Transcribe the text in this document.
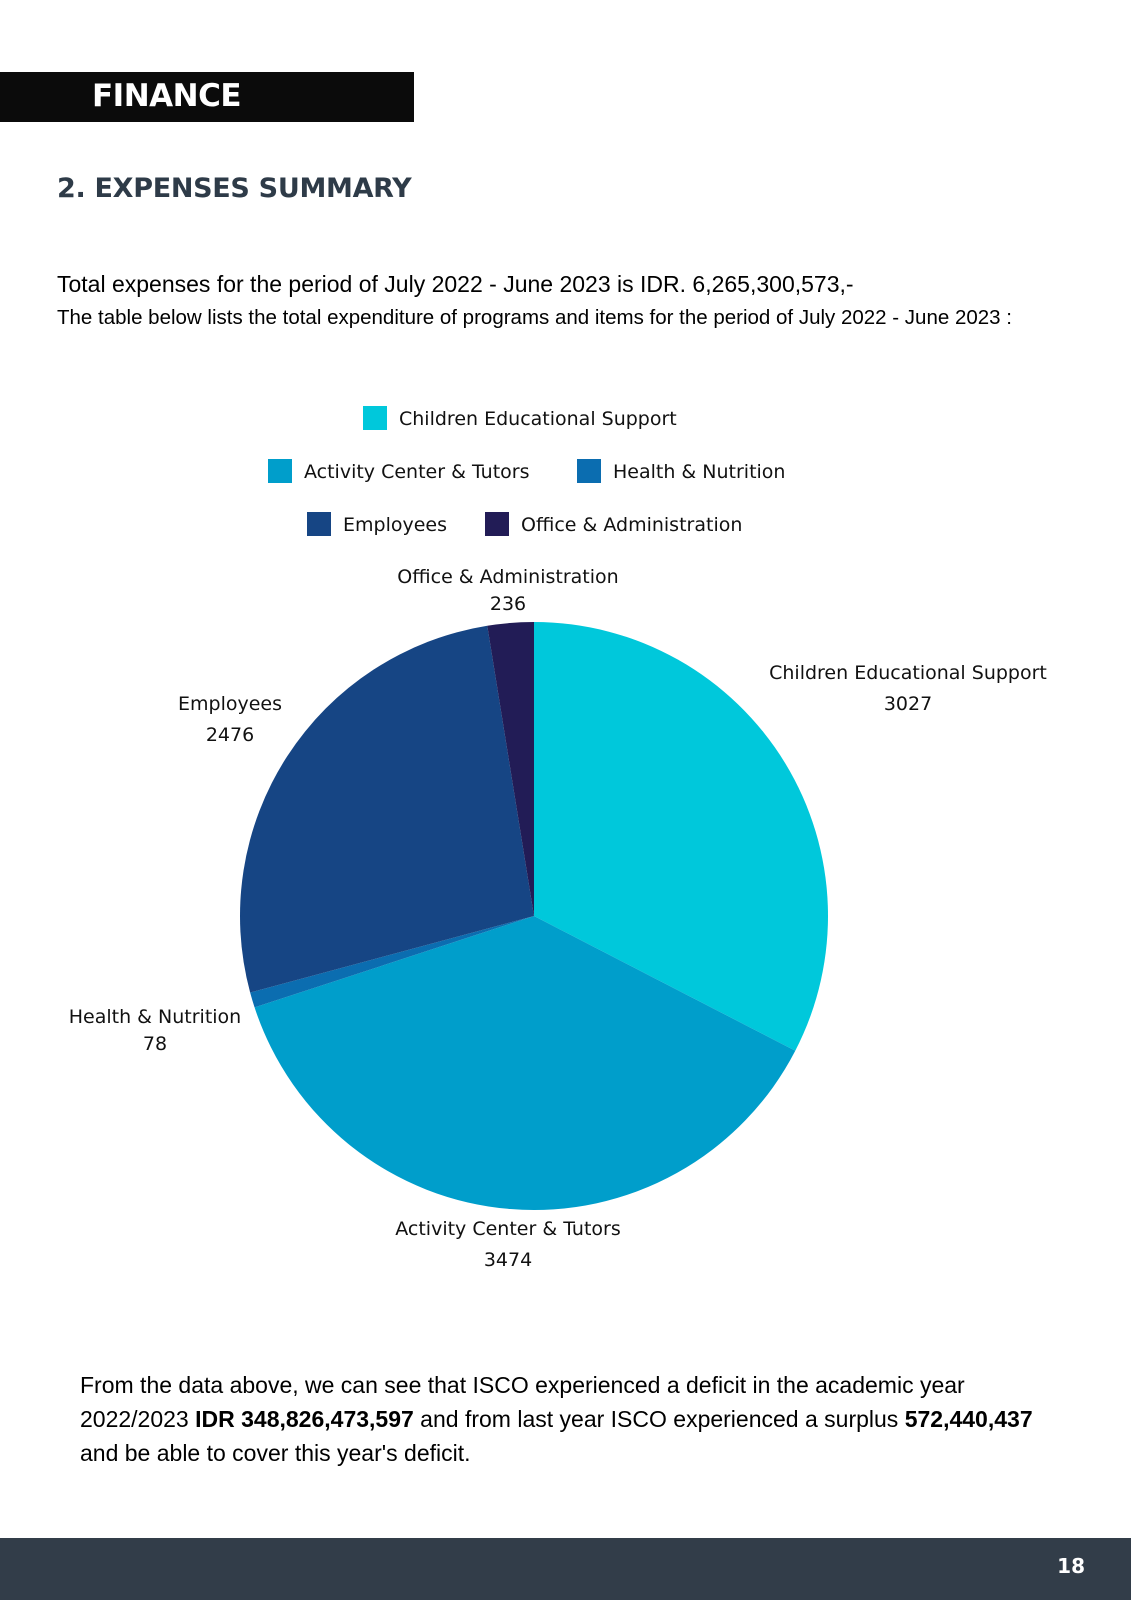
FINANCE
2. EXPENSES SUMMARY
Total expenses for the period of July 2022 - June 2023 is IDR. 6,265,300,573,-
The table below lists the total expenditure of programs and items for the period of July 2022 - June 2023 :
Children Educational Support
Activity Center & Tutors	Health & Nutrition
Employees	Office & Administration
Children Educational Support
3027
Activity Center & Tutors
3474
Health & Nutrition
78
Employees
2476
Office & Administration
236
From the data above, we can see that ISCO experienced a deficit in the academic year 2022/2023 IDR 348,826,473,597 and from last year ISCO experienced a surplus 572,440,437 and be able to cover this year's deficit.
18
